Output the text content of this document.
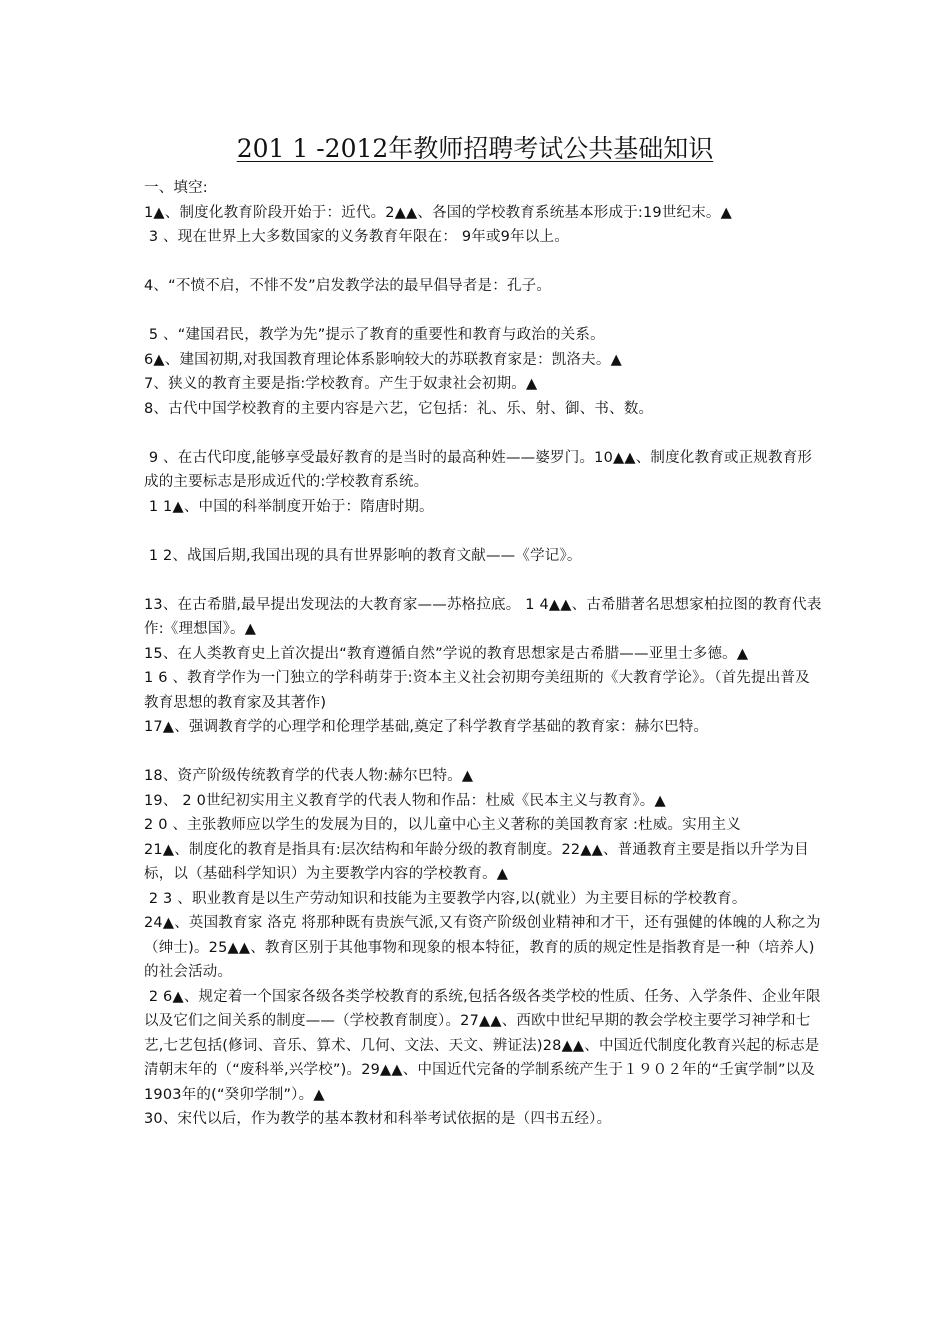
201 1 -2012年教师招聘考试公共基础知识

一、填空:

1▲、制度化教育阶段开始于：近代。2▲▲、各国的学校教育系统基本形成于:19世纪末。▲

3 、现在世界上大多数国家的义务教育年限在： 9年或9年以上。

4、“不愤不启，不悱不发”启发教学法的最早倡导者是：孔子。

5 、“建国君民，教学为先”提示了教育的重要性和教育与政治的关系。

6▲、建国初期,对我国教育理论体系影响较大的苏联教育家是：凯洛夫。▲

7、狭义的教育主要是指:学校教育。产生于奴隶社会初期。▲

8、古代中国学校教育的主要内容是六艺，它包括：礼、乐、射、御、书、数。

9 、在古代印度,能够享受最好教育的是当时的最高种姓——婆罗门。10▲▲、制度化教育或正规教育形成的主要标志是形成近代的:学校教育系统。

1 1▲、中国的科举制度开始于：隋唐时期。

1 2、战国后期,我国出现的具有世界影响的教育文献——《学记》。

13、在古希腊,最早提出发现法的大教育家——苏格拉底。 1 4▲▲、古希腊著名思想家柏拉图的教育代表作:《理想国》。▲

15、在人类教育史上首次提出“教育遵循自然”学说的教育思想家是古希腊——亚里士多德。▲

1 6 、教育学作为一门独立的学科萌芽于:资本主义社会初期夸美纽斯的《大教育学论》。（首先提出普及教育思想的教育家及其著作)

17▲、强调教育学的心理学和伦理学基础,奠定了科学教育学基础的教育家：赫尔巴特。

18、资产阶级传统教育学的代表人物:赫尔巴特。▲

19、 2 0世纪初实用主义教育学的代表人物和作品：杜威《民本主义与教育》。▲

2 0 、主张教师应以学生的发展为目的，以儿童中心主义著称的美国教育家 :杜威。实用主义

21▲、制度化的教育是指具有:层次结构和年龄分级的教育制度。22▲▲、普通教育主要是指以升学为目标，以（基础科学知识）为主要教学内容的学校教育。▲

2 3 、职业教育是以生产劳动知识和技能为主要教学内容,以(就业）为主要目标的学校教育。

24▲、英国教育家 洛克 将那种既有贵族气派,又有资产阶级创业精神和才干，还有强健的体魄的人称之为（绅士)。25▲▲、教育区别于其他事物和现象的根本特征，教育的质的规定性是指教育是一种（培养人)的社会活动。

2 6▲、规定着一个国家各级各类学校教育的系统,包括各级各类学校的性质、任务、入学条件、企业年限以及它们之间关系的制度——（学校教育制度）。27▲▲、西欧中世纪早期的教会学校主要学习神学和七艺,七艺包括(修词、音乐、算术、几何、文法、天文、辨证法)28▲▲、中国近代制度化教育兴起的标志是清朝末年的（“废科举,兴学校”)。29▲▲、中国近代完备的学制系统产生于１９０２年的“壬寅学制”以及1903年的(“癸卯学制”）。▲

30、宋代以后，作为教学的基本教材和科举考试依据的是（四书五经）。
